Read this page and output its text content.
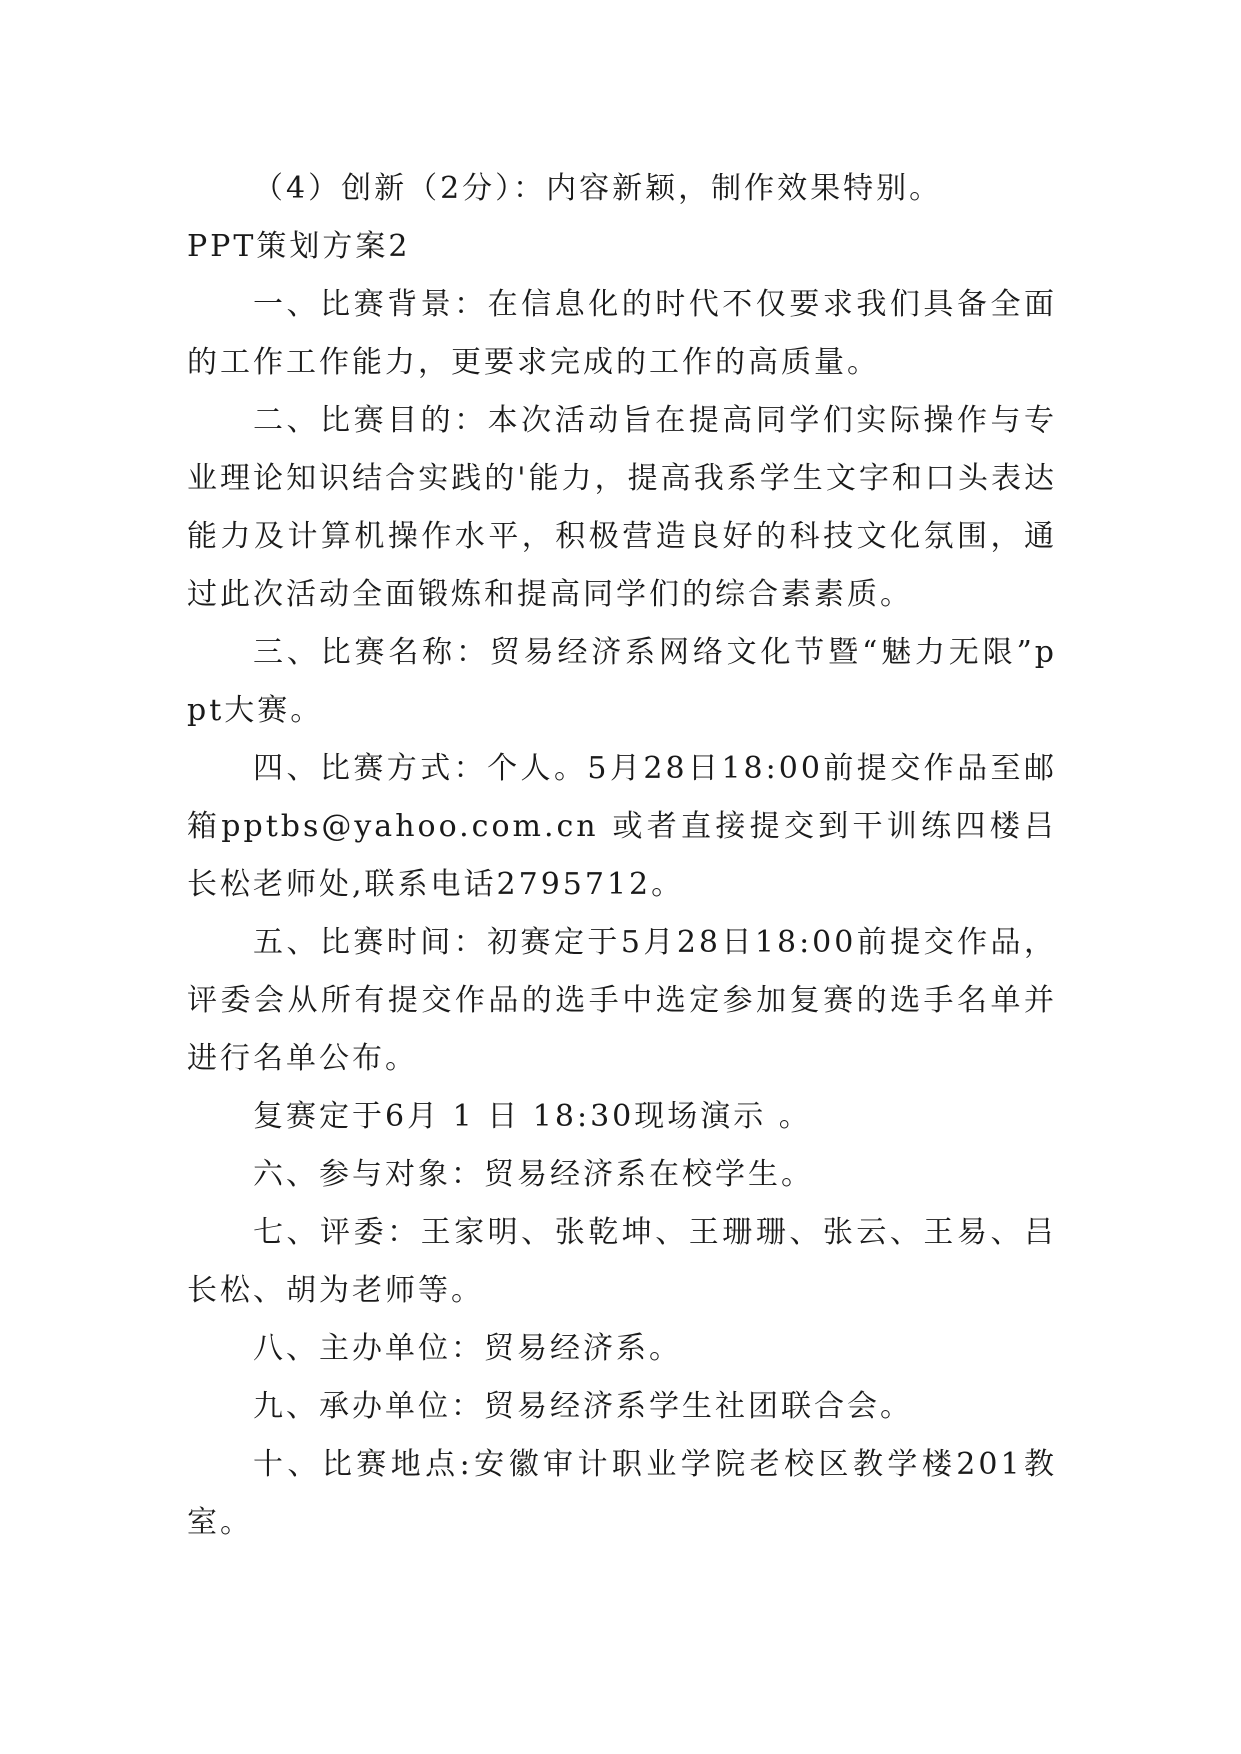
（4）创新（2分）：内容新颖，制作效果特别。

PPT策划方案2

一、比赛背景：在信息化的时代不仅要求我们具备全面的工作工作能力，更要求完成的工作的高质量。

二、比赛目的：本次活动旨在提高同学们实际操作与专业理论知识结合实践的'能力，提高我系学生文字和口头表达能力及计算机操作水平，积极营造良好的科技文化氛围，通过此次活动全面锻炼和提高同学们的综合素素质。

三、比赛名称：贸易经济系网络文化节暨“魅力无限”ppt大赛。

四、比赛方式：个人。5月28日18:00前提交作品至邮箱pptbs@yahoo.com.cn 或者直接提交到干训练四楼吕长松老师处,联系电话2795712。

五、比赛时间：初赛定于5月28日18:00前提交作品，评委会从所有提交作品的选手中选定参加复赛的选手名单并进行名单公布。

复赛定于6月 1 日 18:30现场演示 。

六、参与对象：贸易经济系在校学生。

七、评委：王家明、张乾坤、王珊珊、张云、王易、吕长松、胡为老师等。

八、主办单位：贸易经济系。

九、承办单位：贸易经济系学生社团联合会。

十、比赛地点:安徽审计职业学院老校区教学楼201教室。
